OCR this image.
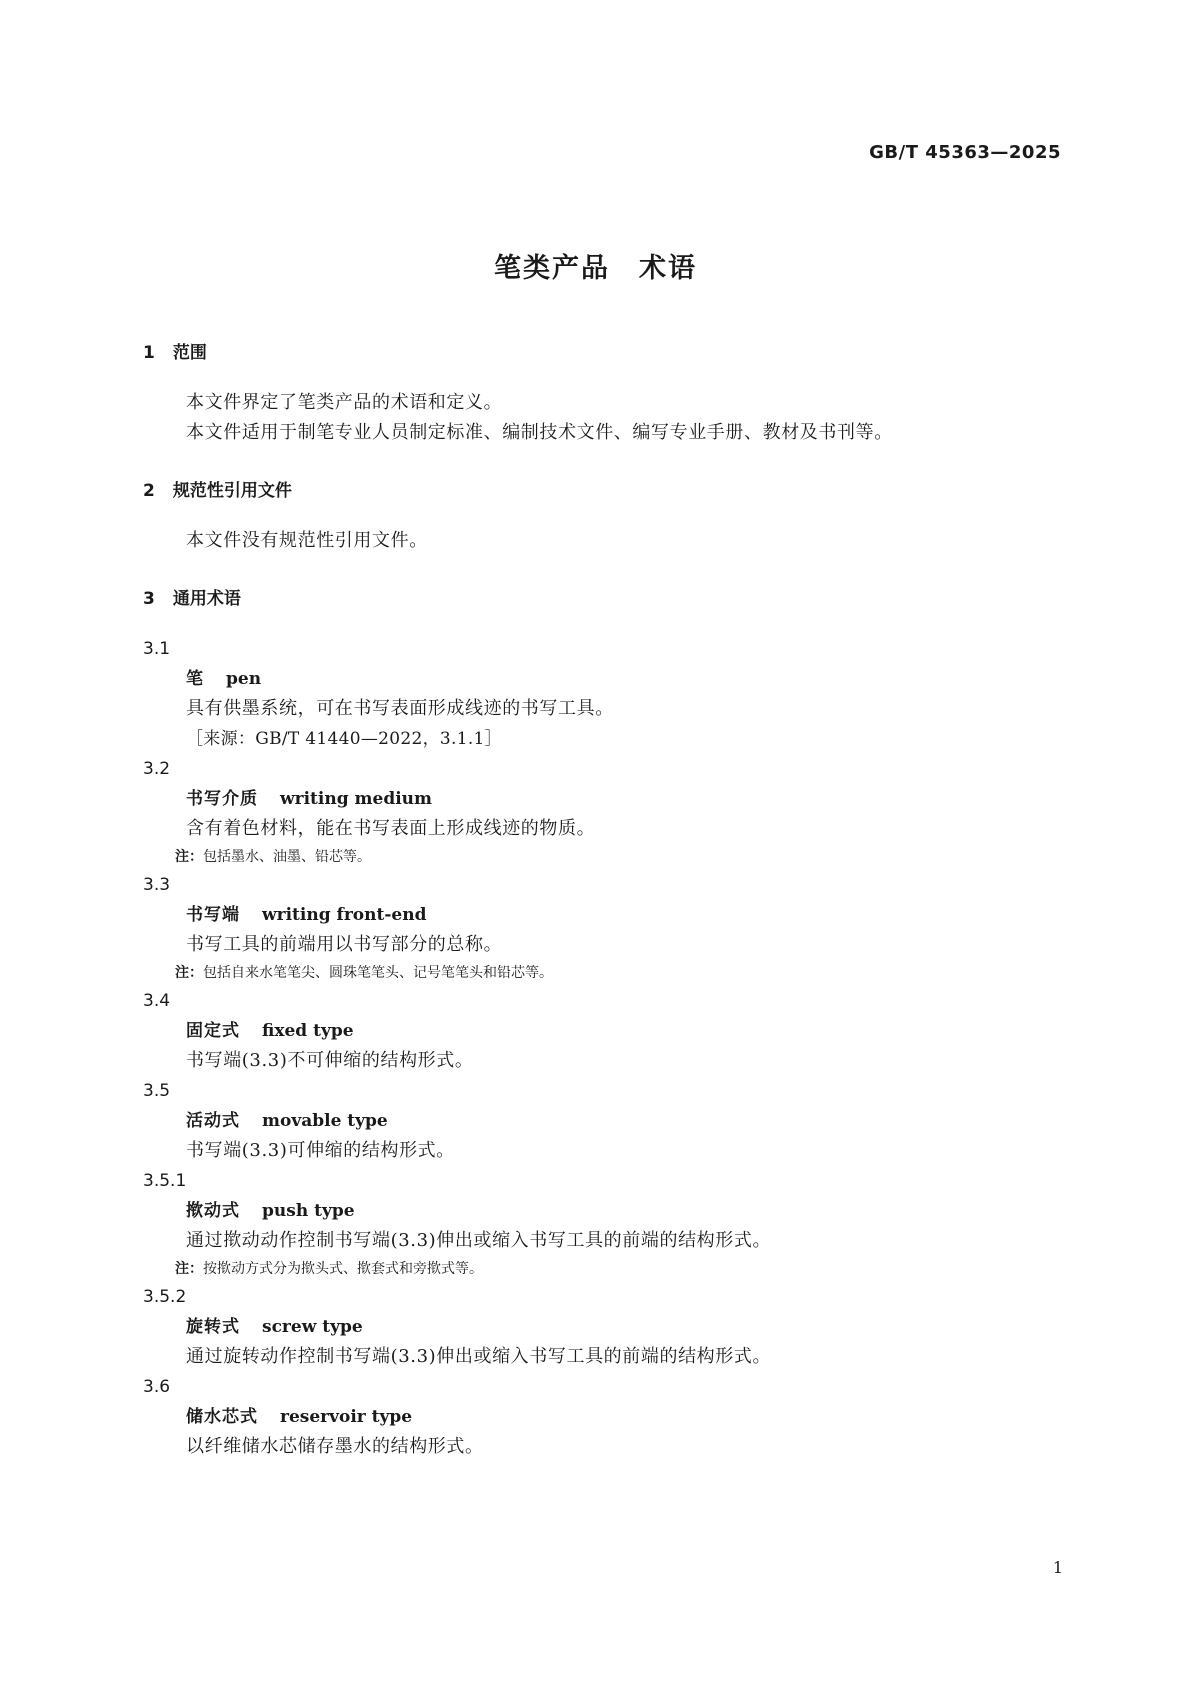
GB/T 45363—2025
笔类产品　术语
1 范围
本文件界定了笔类产品的术语和定义。
本文件适用于制笔专业人员制定标准、编制技术文件、编写专业手册、教材及书刊等。
2 规范性引用文件
本文件没有规范性引用文件。
3 通用术语
3.1
笔 pen
具有供墨系统，可在书写表面形成线迹的书写工具。
［来源：GB/T 41440—2022，3.1.1］
3.2
书写介质 writing medium
含有着色材料，能在书写表面上形成线迹的物质。
注：包括墨水、油墨、铅芯等。
3.3
书写端 writing front-end
书写工具的前端用以书写部分的总称。
注：包括自来水笔笔尖、圆珠笔笔头、记号笔笔头和铅芯等。
3.4
固定式 fixed type
书写端(3.3)不可伸缩的结构形式。
3.5
活动式 movable type
书写端(3.3)可伸缩的结构形式。
3.5.1
揿动式 push type
通过揿动动作控制书写端(3.3)伸出或缩入书写工具的前端的结构形式。
注：按揿动方式分为揿头式、揿套式和旁揿式等。
3.5.2
旋转式 screw type
通过旋转动作控制书写端(3.3)伸出或缩入书写工具的前端的结构形式。
3.6
储水芯式 reservoir type
以纤维储水芯储存墨水的结构形式。
1
